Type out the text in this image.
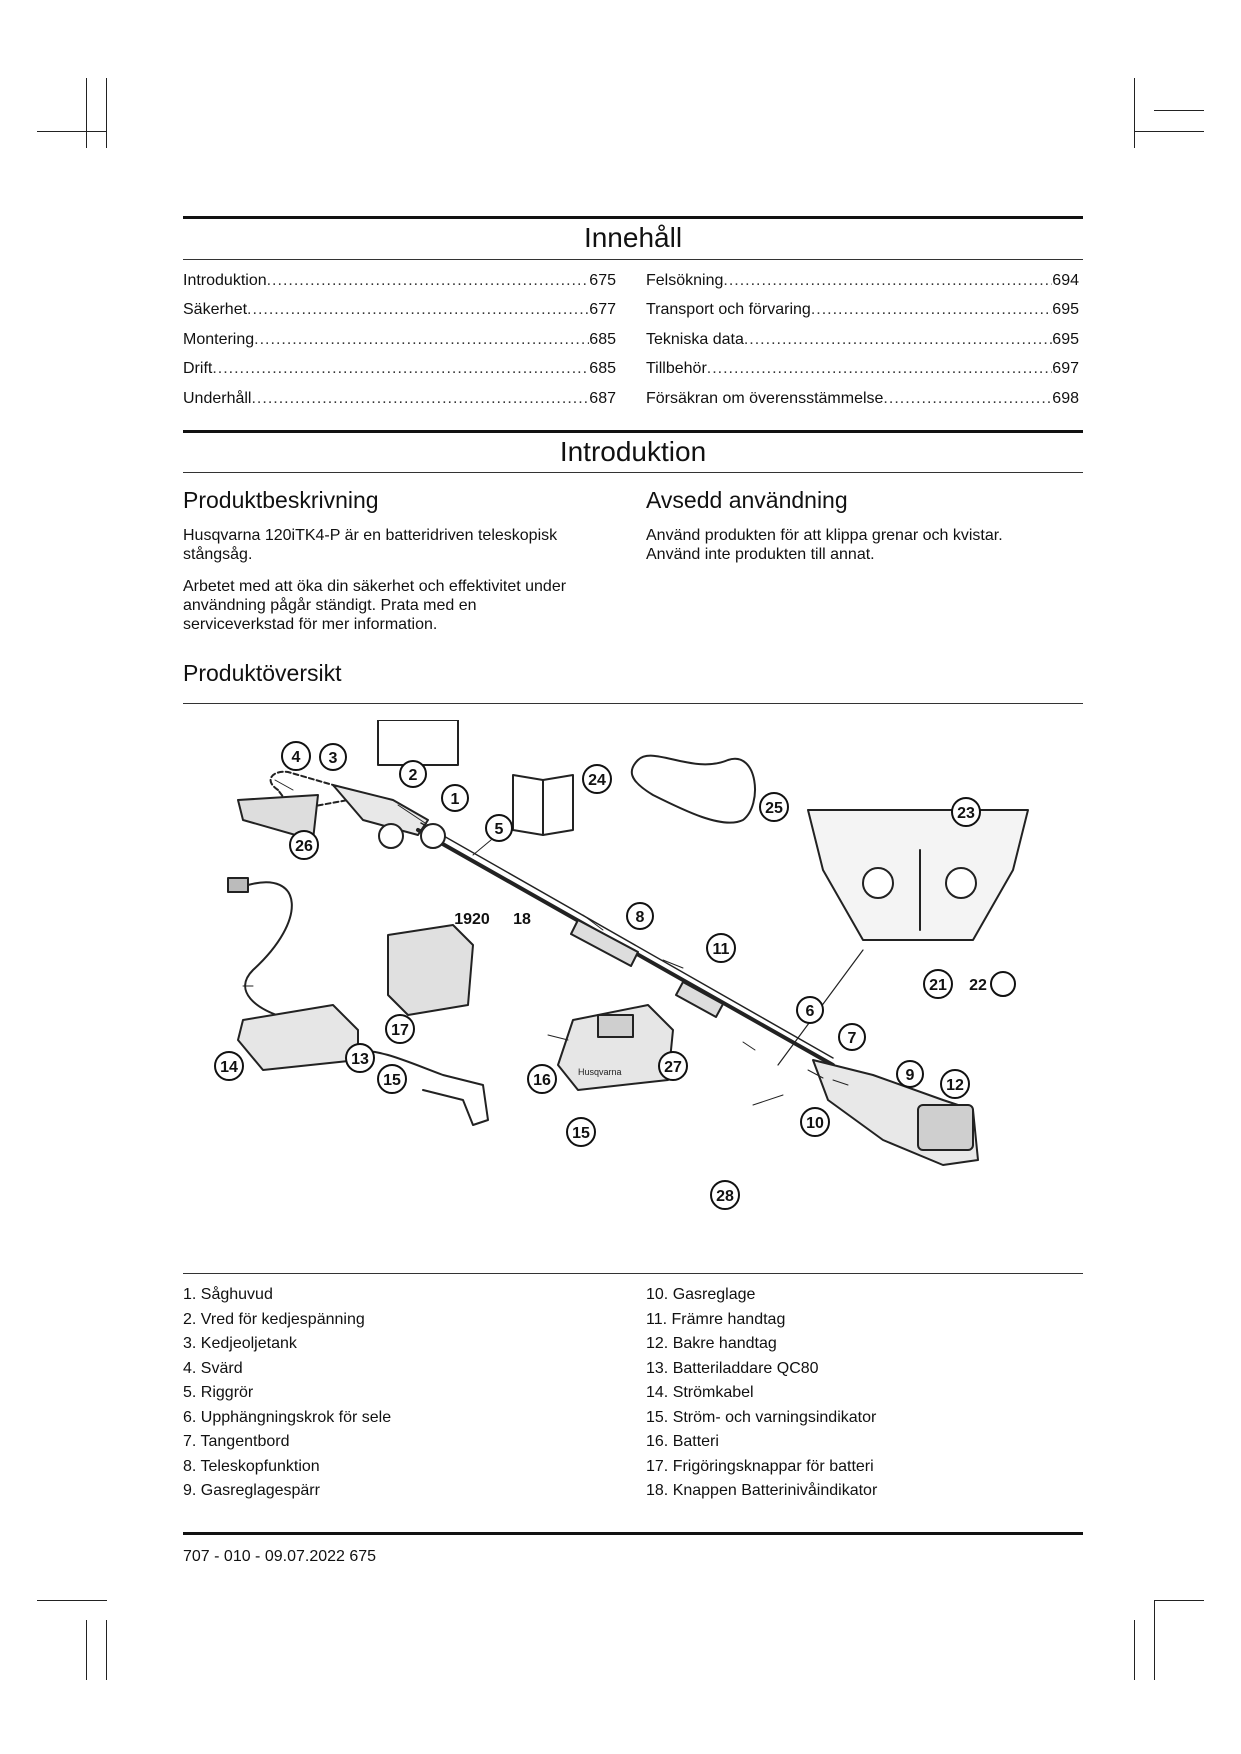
Innehåll
Introduktion .....	675
Säkerhet .....	677
Montering .....	685
Drift .....	685
Underhåll .....	687
Felsökning .....	694
Transport och förvaring .....	695
Tekniska data .....	695
Tillbehör .....	697
Försäkran om överensstämmelse .....	698
Introduktion
Produktbeskrivning

Husqvarna 120iTK4-P är en batteridriven teleskopisk stångsåg.

Arbetet med att öka din säkerhet och effektivitet under användning pågår ständigt. Prata med en serviceverkstad för mer information.

Avsedd användning

Använd produkten för att klippa grenar och kvistar. Använd inte produkten till annat.

Produktöversikt
Husqvarna
4 3
2
1
5
24
25	23
26
1920 18	8
11
21 22
6
7
17
14	13
15	16
27	9
12
15
10
28
1. Såghuvud
2. Vred för kedjespänning
3. Kedjeoljetank
4. Svärd
5. Riggrör
6. Upphängningskrok för sele
7. Tangentbord
8. Teleskopfunktion
9. Gasreglagespärr
10. Gasreglage
11. Främre handtag
12. Bakre handtag
13. Batteriladdare QC80
14. Strömkabel
15. Ström- och varningsindikator
16. Batteri
17. Frigöringsknappar för batteri
18. Knappen Batterinivåindikator
707 - 010 - 09.07.2022 675
